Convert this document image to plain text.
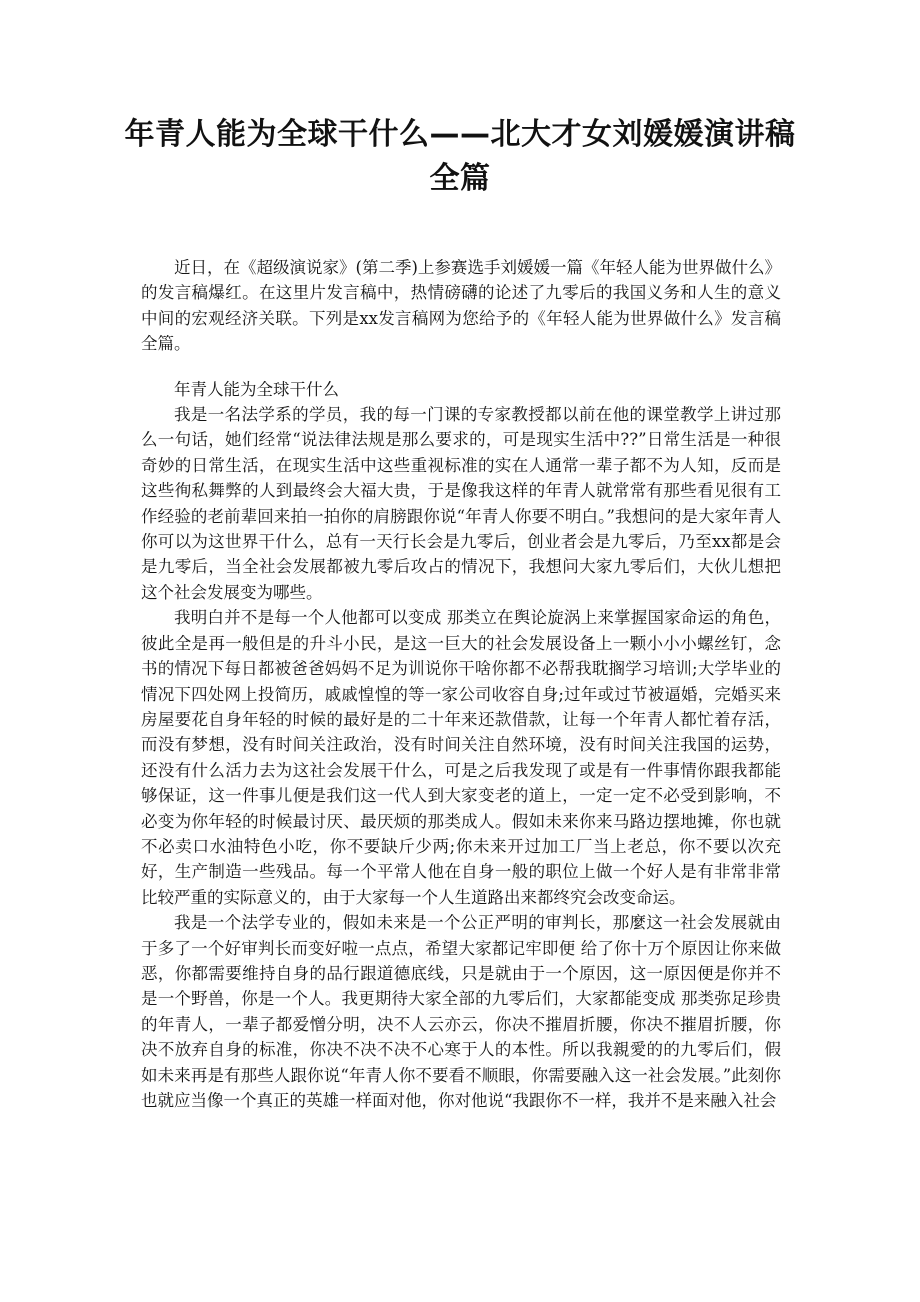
年青人能为全球干什么——北大才女刘媛媛演讲稿全篇

近日，在《超级演说家》(第二季)上参赛选手刘媛媛一篇《年轻人能为世界做什么》的发言稿爆红。在这里片发言稿中，热情磅礴的论述了九零后的我国义务和人生的意义中间的宏观经济关联。下列是xx发言稿网为您给予的《年轻人能为世界做什么》发言稿全篇。

年青人能为全球干什么

我是一名法学系的学员，我的每一门课的专家教授都以前在他的课堂教学上讲过那么一句话，她们经常“说法律法规是那么要求的，可是现实生活中??”日常生活是一种很奇妙的日常生活，在现实生活中这些重视标准的实在人通常一辈子都不为人知，反而是这些徇私舞弊的人到最终会大福大贵，于是像我这样的年青人就常常有那些看见很有工作经验的老前辈回来拍一拍你的肩膀跟你说“年青人你要不明白。”我想问的是大家年青人你可以为这世界干什么，总有一天行长会是九零后，创业者会是九零后，乃至xx都是会是九零后，当全社会发展都被九零后攻占的情况下，我想问大家九零后们，大伙儿想把这个社会发展变为哪些。

我明白并不是每一个人他都可以变成 那类立在舆论旋涡上来掌握国家命运的角色，彼此全是再一般但是的升斗小民，是这一巨大的社会发展设备上一颗小小小螺丝钉，念书的情况下每日都被爸爸妈妈不足为训说你干啥你都不必帮我耽搁学习培训;大学毕业的情况下四处网上投简历，戚戚惶惶的等一家公司收容自身;过年或过节被逼婚，完婚买来房屋要花自身年轻的时候的最好是的二十年来还款借款，让每一个年青人都忙着存活，而没有梦想，没有时间关注政治，没有时间关注自然环境，没有时间关注我国的运势，还没有什么活力去为这社会发展干什么，可是之后我发现了或是有一件事情你跟我都能够保证，这一件事儿便是我们这一代人到大家变老的道上，一定一定不必受到影响，不必变为你年轻的时候最讨厌、最厌烦的那类成人。假如未来你来马路边摆地摊，你也就不必卖口水油特色小吃，你不要缺斤少两;你未来开过加工厂当上老总，你不要以次充好，生产制造一些残品。每一个平常人他在自身一般的职位上做一个好人是有非常非常比较严重的实际意义的，由于大家每一个人生道路出来都终究会改变命运。

我是一个法学专业的，假如未来是一个公正严明的审判长，那麼这一社会发展就由于多了一个好审判长而变好啦一点点，希望大家都记牢即便 给了你十万个原因让你来做恶，你都需要维持自身的品行跟道德底线，只是就由于一个原因，这一原因便是你并不是一个野兽，你是一个人。我更期待大家全部的九零后们，大家都能变成 那类弥足珍贵的年青人，一辈子都爱憎分明，决不人云亦云，你决不摧眉折腰，你决不摧眉折腰，你决不放弃自身的标准，你决不决不决不心寒于人的本性。所以我親愛的的九零后们，假如未来再是有那些人跟你说“年青人你不要看不顺眼，你需要融入这一社会发展。”此刻你也就应当像一个真正的英雄一样面对他，你对他说“我跟你不一样，我并不是来融入社会
